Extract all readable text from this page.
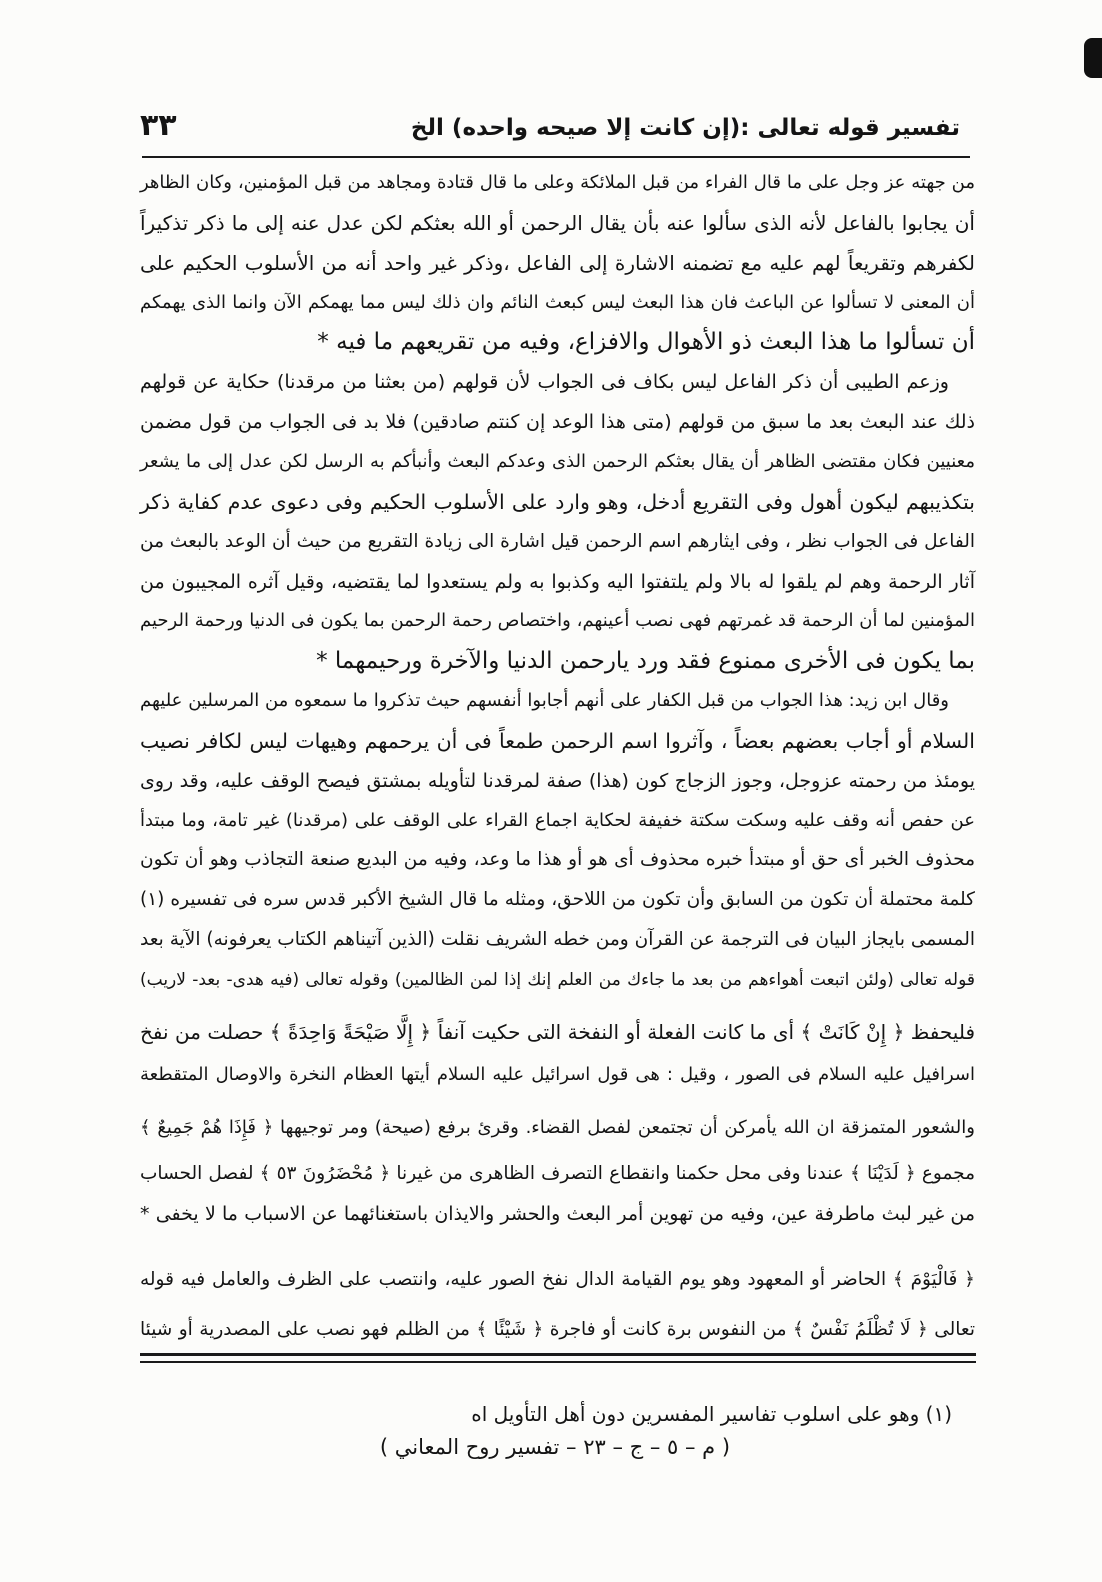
تفسير قوله تعالى :(إن كانت إلا صيحه واحده) الخ
٣٣
من جهته عز وجل على ما قال الفراء من قبل الملائكة وعلى ما قال قتادة ومجاهد من قبل المؤمنين، وكان الظاهر
أن يجابوا بالفاعل لأنه الذى سألوا عنه بأن يقال الرحمن أو الله بعثكم لكن عدل عنه إلى ما ذكر تذكيراً
لكفرهم وتقريعاً لهم عليه مع تضمنه الاشارة إلى الفاعل ،وذكر غير واحد أنه من الأسلوب الحكيم على
أن المعنى لا تسألوا عن الباعث فان هذا البعث ليس كبعث النائم وان ذلك ليس مما يهمكم الآن وانما الذى يهمكم
أن تسألوا ما هذا البعث ذو الأهوال والافزاع، وفيه من تقريعهم ما فيه *
وزعم الطيبى أن ذكر الفاعل ليس بكاف فى الجواب لأن قولهم (من بعثنا من مرقدنا) حكاية عن قولهم
ذلك عند البعث بعد ما سبق من قولهم (متى هذا الوعد إن كنتم صادقين) فلا بد فى الجواب من قول مضمن
معنيين فكان مقتضى الظاهر أن يقال بعثكم الرحمن الذى وعدكم البعث وأنبأكم به الرسل لكن عدل إلى ما يشعر
بتكذيبهم ليكون أهول وفى التقريع أدخل، وهو وارد على الأسلوب الحكيم وفى دعوى عدم كفاية ذكر
الفاعل فى الجواب نظر ، وفى ايثارهم اسم الرحمن قيل اشارة الى زيادة التقريع من حيث أن الوعد بالبعث من
آثار الرحمة وهم لم يلقوا له بالا ولم يلتفتوا اليه وكذبوا به ولم يستعدوا لما يقتضيه، وقيل آثره المجيبون من
المؤمنين لما أن الرحمة قد غمرتهم فهى نصب أعينهم، واختصاص رحمة الرحمن بما يكون فى الدنيا ورحمة الرحيم
بما يكون فى الأخرى ممنوع فقد ورد يارحمن الدنيا والآخرة ورحيمهما *
وقال ابن زيد: هذا الجواب من قبل الكفار على أنهم أجابوا أنفسهم حيث تذكروا ما سمعوه من المرسلين عليهم
السلام أو أجاب بعضهم بعضاً ، وآثروا اسم الرحمن طمعاً فى أن يرحمهم وهيهات ليس لكافر نصيب
يومئذ من رحمته عزوجل، وجوز الزجاج كون (هذا) صفة لمرقدنا لتأويله بمشتق فيصح الوقف عليه، وقد روى
عن حفص أنه وقف عليه وسكت سكتة خفيفة لحكاية اجماع القراء على الوقف على (مرقدنا) غير تامة، وما مبتدأ
محذوف الخبر أى حق أو مبتدأ خبره محذوف أى هو أو هذا ما وعد، وفيه من البديع صنعة التجاذب وهو أن تكون
كلمة محتملة أن تكون من السابق وأن تكون من اللاحق، ومثله ما قال الشيخ الأكبر قدس سره فى تفسيره (١)
المسمى بايجاز البيان فى الترجمة عن القرآن ومن خطه الشريف نقلت (الذين آتيناهم الكتاب يعرفونه) الآية بعد
قوله تعالى (ولئن اتبعت أهواءهم من بعد ما جاءك من العلم إنك إذا لمن الظالمين) وقوله تعالى (فيه هدى- بعد- لاريب)
فليحفظ ﴿ إِنْ كَانَتْ ﴾ أى ما كانت الفعلة أو النفخة التى حكيت آنفاً ﴿ إِلَّا صَيْحَةً وَاحِدَةً ﴾ حصلت من نفخ
اسرافيل عليه السلام فى الصور ، وقيل : هى قول اسرائيل عليه السلام أيتها العظام النخرة والاوصال المتقطعة
والشعور المتمزقة ان الله يأمركن أن تجتمعن لفصل القضاء. وقرئ برفع (صيحة) ومر توجيهها ﴿ فَإِذَا هُمْ جَمِيعٌ ﴾
مجموع ﴿ لَدَيْنَا ﴾ عندنا وفى محل حكمنا وانقطاع التصرف الظاهرى من غيرنا ﴿ مُحْضَرُونَ ٥٣ ﴾ لفصل الحساب
من غير لبث ماطرفة عين، وفيه من تهوين أمر البعث والحشر والايذان باستغنائهما عن الاسباب ما لا يخفى *
﴿ فَالْيَوْمَ ﴾ الحاضر أو المعهود وهو يوم القيامة الدال نفخ الصور عليه، وانتصب على الظرف والعامل فيه قوله
تعالى ﴿ لَا تُظْلَمُ نَفْسٌ ﴾ من النفوس برة كانت أو فاجرة ﴿ شَيْئًا ﴾ من الظلم فهو نصب على المصدرية أو شيئا
(١) وهو على اسلوب تفاسير المفسرين دون أهل التأويل اه
( م – ٥ – ج – ٢٣ – تفسير روح المعاني )
